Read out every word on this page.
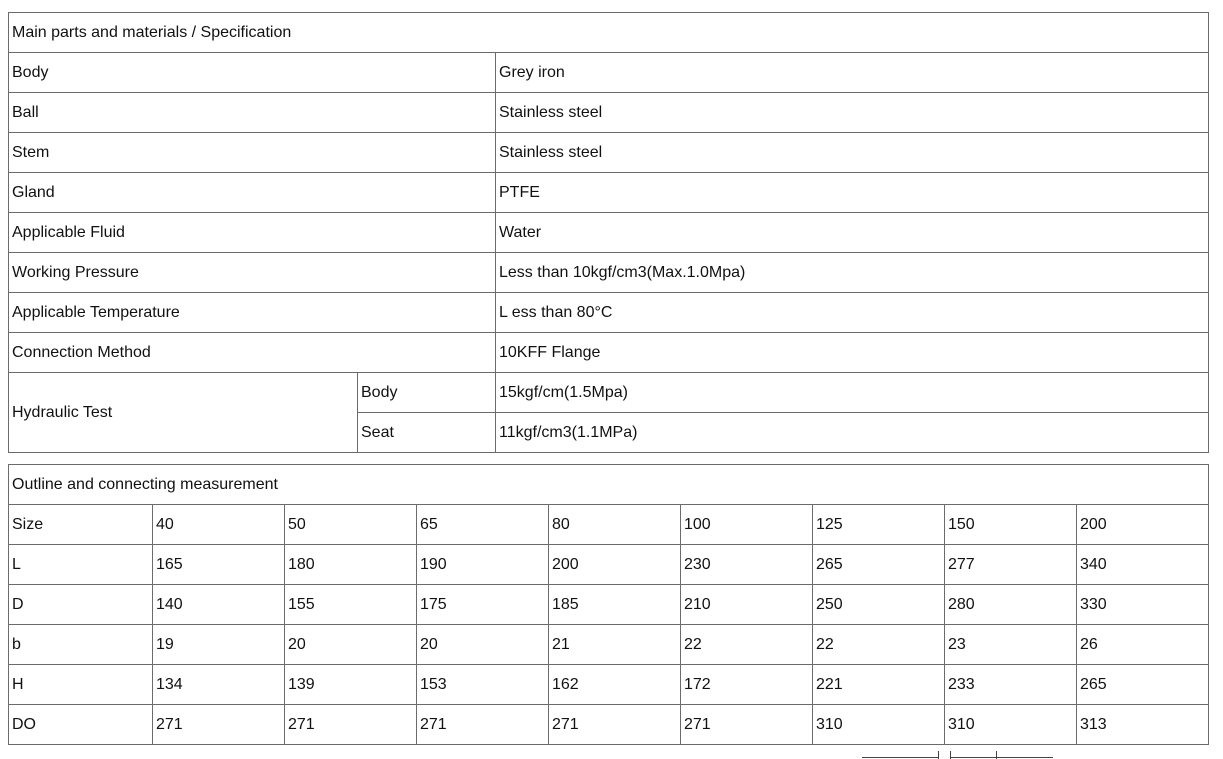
Main parts and materials / Specification		
Body		Grey iron
Ball		Stainless steel
Stem		Stainless steel
Gland		PTFE
Applicable Fluid		Water
Working Pressure		Less than 10kgf/cm3(Max.1.0Mpa)
Applicable Temperature		L ess than 80°C
Connection Method		10KFF Flange
Hydraulic Test	Body	15kgf/cm(1.5Mpa)
	Seat	11kgf/cm3(1.1MPa)
Outline and connecting measurement								
Size	40	50	65	80	100	125	150	200
L	165	180	190	200	230	265	277	340
D	140	155	175	185	210	250	280	330
b	19	20	20	21	22	22	23	26
H	134	139	153	162	172	221	233	265
DO	271	271	271	271	271	310	310	313
